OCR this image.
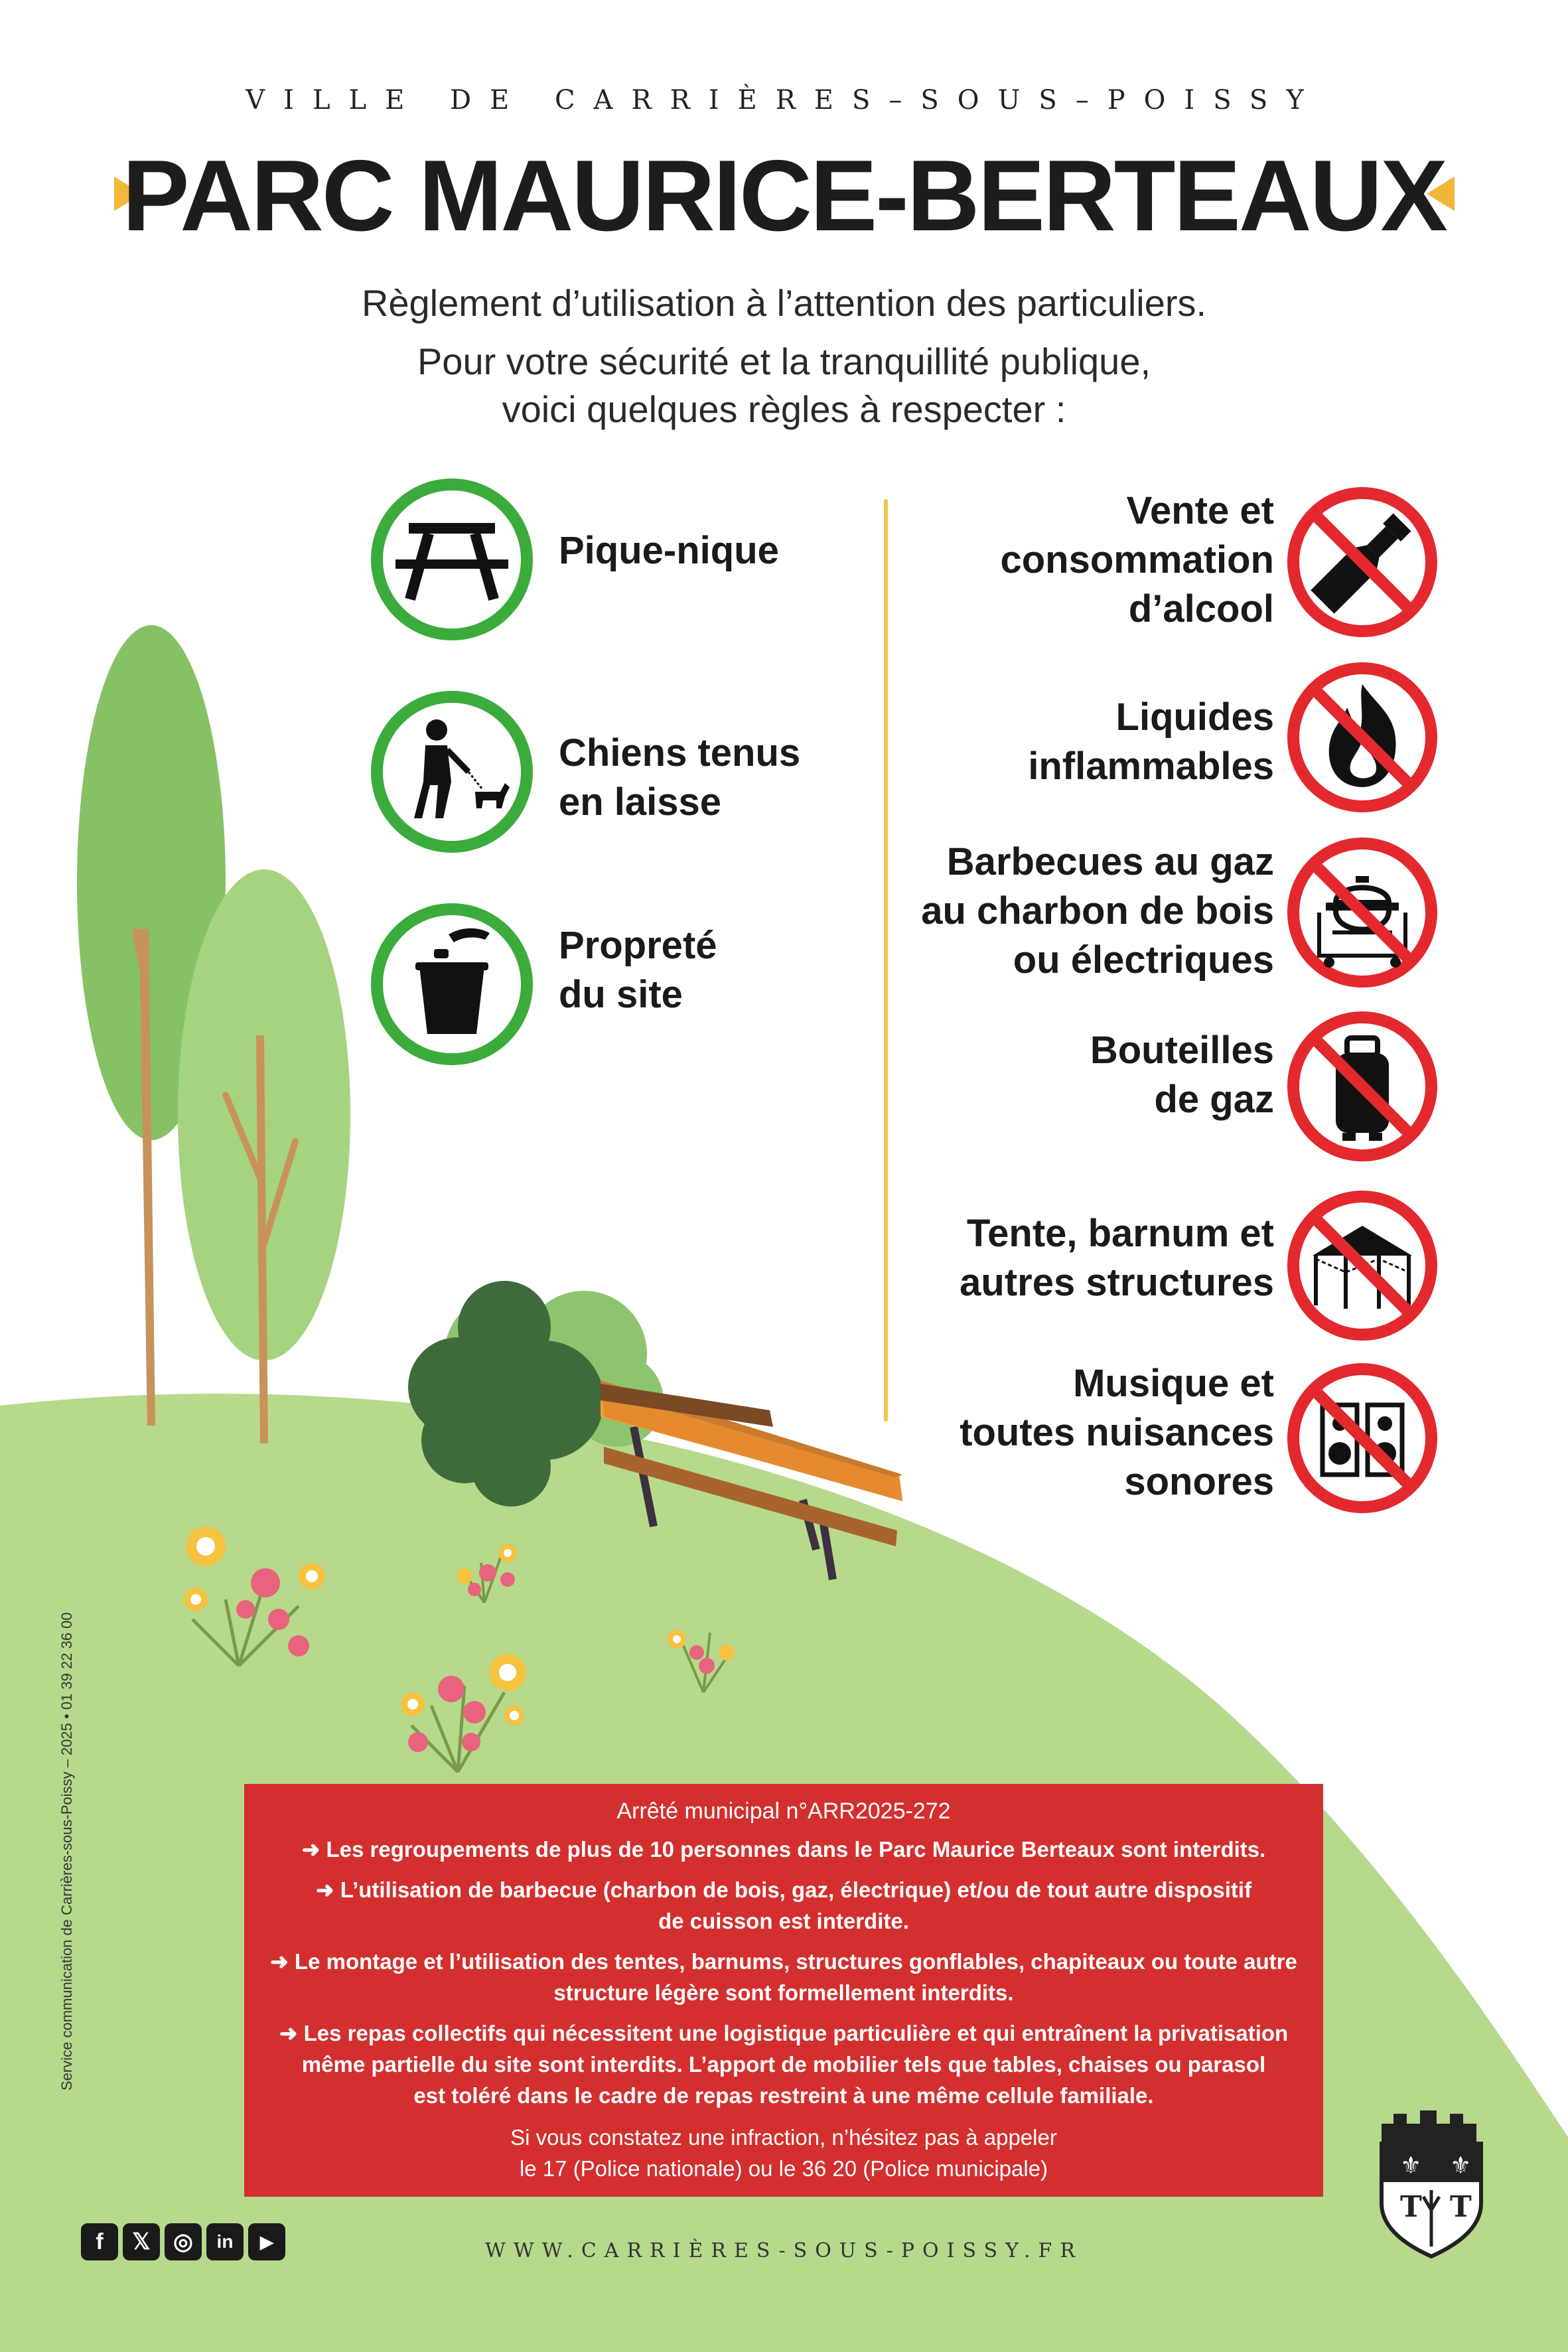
⚜ ⚜
T T
VILLE DE CARRIÈRES–SOUS–POISSY
PARC MAURICE-BERTEAUX
Règlement d’utilisation à l’attention des particuliers.
Pour votre sécurité et la tranquillité publique,
voici quelques règles à respecter :
Pique-nique
Chiens tenus
en laisse
Propreté
du site
Vente et
consommation
d’alcool
Liquides
inflammables
Barbecues au gaz
au charbon de bois
ou électriques
Bouteilles
de gaz
Tente, barnum et
autres structures
Musique et
toutes nuisances
sonores
Arrêté municipal n°ARR2025-272
➜ Les regroupements de plus de 10 personnes dans le Parc Maurice Berteaux sont interdits.
➜ L’utilisation de barbecue (charbon de bois, gaz, électrique) et/ou de tout autre dispositif
de cuisson est interdite.
➜ Le montage et l’utilisation des tentes, barnums, structures gonflables, chapiteaux ou toute autre
structure légère sont formellement interdits.
➜ Les repas collectifs qui nécessitent une logistique particulière et qui entraînent la privatisation
même partielle du site sont interdits. L’apport de mobilier tels que tables, chaises ou parasol
est toléré dans le cadre de repas restreint à une même cellule familiale.
Si vous constatez une infraction, n’hésitez pas à appeler
le 17 (Police nationale) ou le 36 20 (Police municipale)
Service communication de Carrières-sous-Poissy – 2025 • 01 39 22 36 00
f	𝕏	◎	in	▶	WWW.CARRIÈRES-SOUS-POISSY.FR
